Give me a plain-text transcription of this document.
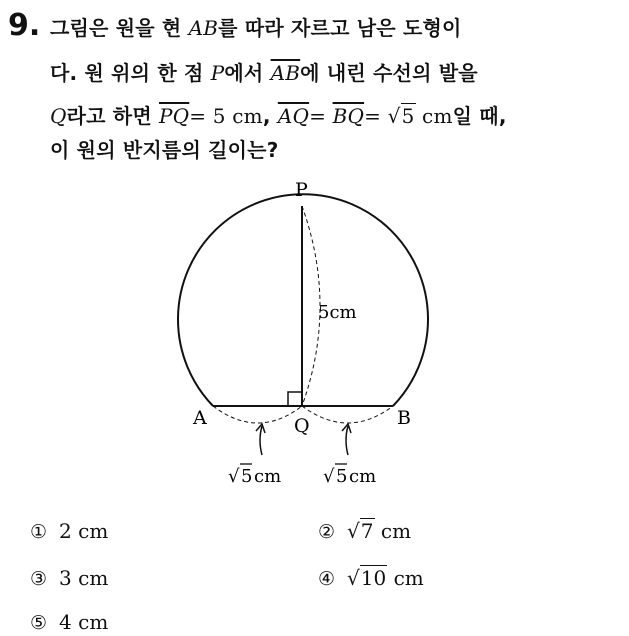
9. 그림은 원을 현 AB를 따라 자르고 남은 도형이
다. 원 위의 한 점 P에서 $\overline{AB}$에 내린 수선의 발을
Q라고 하면 $\overline{PQ}= 5$ cm, $\overline{AQ}= \overline{BQ}= √5$ cm일 때,
이 원의 반지름의 길이는?
P
A	B
Q
5cm
√ 5 cm √ 5 cm
① 2 cm	② √7 cm
③ 3 cm	④ √10 cm
⑤ 4 cm
